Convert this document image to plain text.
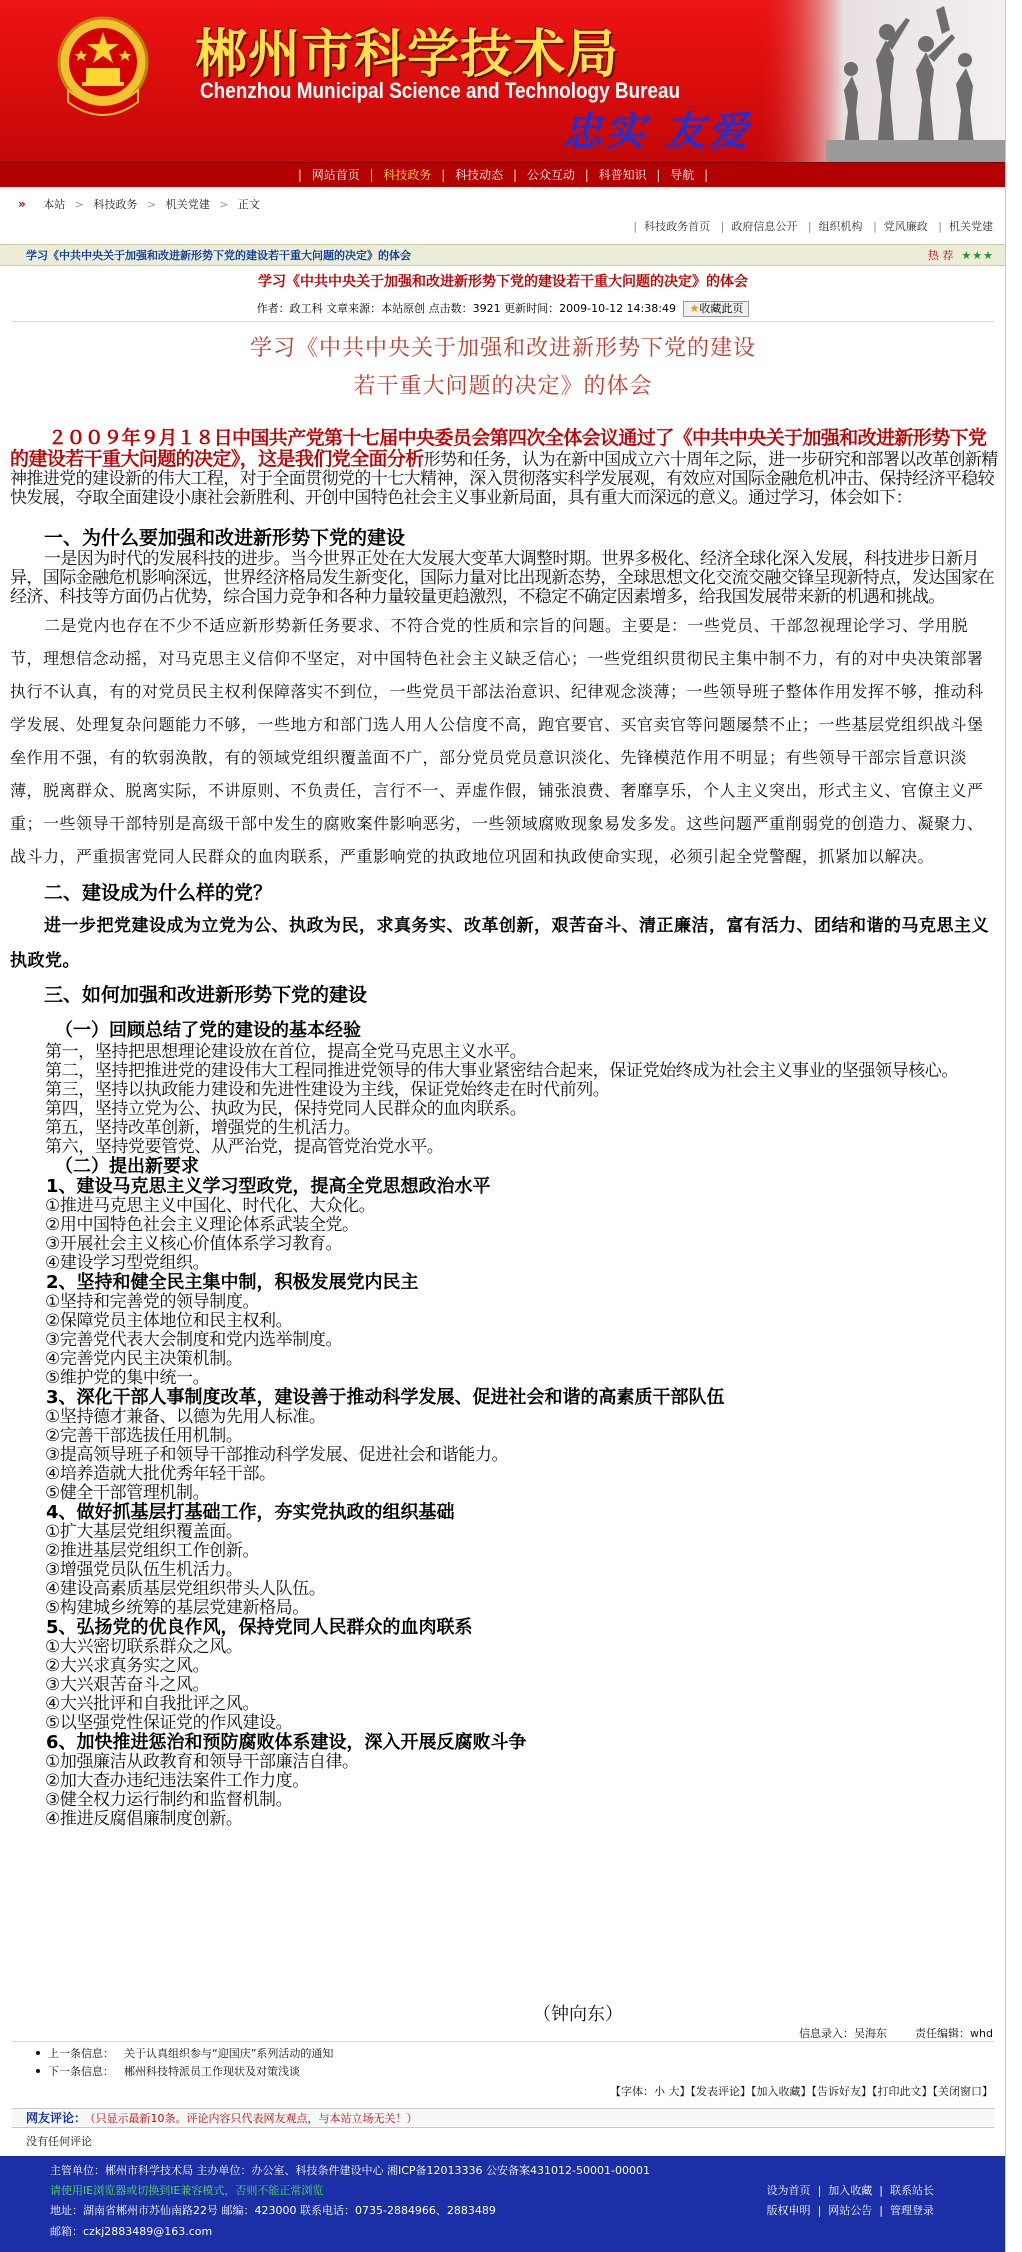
郴州市科学技术局
Chenzhou Municipal Science and Technology Bureau
忠实 友爱
| 网站首页 | 科技政务 | 科技动态 | 公众互动 | 科普知识 | 导航 |
» 本站 > 科技政务 > 机关党建 > 正文
| 科技政务首页 | 政府信息公开 | 组织机构 | 党风廉政 | 机关党建
学习《中共中央关于加强和改进新形势下党的建设若干重大问题的决定》的体会	热 荐 ★★★
学习《中共中央关于加强和改进新形势下党的建设若干重大问题的决定》的体会
作者：政工科 文章来源：本站原创 点击数：3921 更新时间：2009-10-12 14:38:49 ★收藏此页
学习《中共中央关于加强和改进新形势下党的建设
若干重大问题的决定》的体会
２００９年９月１８日中国共产党第十七届中央委员会第四次全体会议通过了《中共中央关于加强和改进新形势下党的建设若干重大问题的决定》，这是我们党全面分析形势和任务，认为在新中国成立六十周年之际，进一步研究和部署以改革创新精神推进党的建设新的伟大工程，对于全面贯彻党的十七大精神，深入贯彻落实科学发展观，有效应对国际金融危机冲击、保持经济平稳较快发展，夺取全面建设小康社会新胜利、开创中国特色社会主义事业新局面，具有重大而深远的意义。通过学习，体会如下：
一、为什么要加强和改进新形势下党的建设
一是因为时代的发展科技的进步。当今世界正处在大发展大变革大调整时期。世界多极化、经济全球化深入发展，科技进步日新月异，国际金融危机影响深远，世界经济格局发生新变化，国际力量对比出现新态势，全球思想文化交流交融交锋呈现新特点，发达国家在经济、科技等方面仍占优势，综合国力竞争和各种力量较量更趋激烈，不稳定不确定因素增多，给我国发展带来新的机遇和挑战。
二是党内也存在不少不适应新形势新任务要求、不符合党的性质和宗旨的问题。主要是：一些党员、干部忽视理论学习、学用脱节，理想信念动摇，对马克思主义信仰不坚定，对中国特色社会主义缺乏信心；一些党组织贯彻民主集中制不力，有的对中央决策部署执行不认真，有的对党员民主权利保障落实不到位，一些党员干部法治意识、纪律观念淡薄；一些领导班子整体作用发挥不够，推动科学发展、处理复杂问题能力不够，一些地方和部门选人用人公信度不高，跑官要官、买官卖官等问题屡禁不止；一些基层党组织战斗堡垒作用不强，有的软弱涣散，有的领域党组织覆盖面不广，部分党员党员意识淡化、先锋模范作用不明显；有些领导干部宗旨意识淡薄，脱离群众、脱离实际，不讲原则、不负责任，言行不一、弄虚作假，铺张浪费、奢靡享乐，个人主义突出，形式主义、官僚主义严重；一些领导干部特别是高级干部中发生的腐败案件影响恶劣，一些领域腐败现象易发多发。这些问题严重削弱党的创造力、凝聚力、战斗力，严重损害党同人民群众的血肉联系，严重影响党的执政地位巩固和执政使命实现，必须引起全党警醒，抓紧加以解决。
二、建设成为什么样的党？
进一步把党建设成为立党为公、执政为民，求真务实、改革创新，艰苦奋斗、清正廉洁，富有活力、团结和谐的马克思主义执政党。
三、如何加强和改进新形势下党的建设
（一）回顾总结了党的建设的基本经验
第一，坚持把思想理论建设放在首位，提高全党马克思主义水平。
第二，坚持把推进党的建设伟大工程同推进党领导的伟大事业紧密结合起来，保证党始终成为社会主义事业的坚强领导核心。
第三，坚持以执政能力建设和先进性建设为主线，保证党始终走在时代前列。
第四，坚持立党为公、执政为民，保持党同人民群众的血肉联系。
第五，坚持改革创新，增强党的生机活力。
第六，坚持党要管党、从严治党，提高管党治党水平。
（二）提出新要求
1、建设马克思主义学习型政党，提高全党思想政治水平
①推进马克思主义中国化、时代化、大众化。
②用中国特色社会主义理论体系武装全党。
③开展社会主义核心价值体系学习教育。
④建设学习型党组织。
2、坚持和健全民主集中制，积极发展党内民主
①坚持和完善党的领导制度。
②保障党员主体地位和民主权利。
③完善党代表大会制度和党内选举制度。
④完善党内民主决策机制。
⑤维护党的集中统一。
3、深化干部人事制度改革，建设善于推动科学发展、促进社会和谐的高素质干部队伍
①坚持德才兼备、以德为先用人标准。
②完善干部选拔任用机制。
③提高领导班子和领导干部推动科学发展、促进社会和谐能力。
④培养造就大批优秀年轻干部。
⑤健全干部管理机制。
4、做好抓基层打基础工作，夯实党执政的组织基础
①扩大基层党组织覆盖面。
②推进基层党组织工作创新。
③增强党员队伍生机活力。
④建设高素质基层党组织带头人队伍。
⑤构建城乡统筹的基层党建新格局。
5、弘扬党的优良作风，保持党同人民群众的血肉联系
①大兴密切联系群众之风。
②大兴求真务实之风。
③大兴艰苦奋斗之风。
④大兴批评和自我批评之风。
⑤以坚强党性保证党的作风建设。
6、加快推进惩治和预防腐败体系建设，深入开展反腐败斗争
①加强廉洁从政教育和领导干部廉洁自律。
②加大查办违纪违法案件工作力度。
③健全权力运行制约和监督机制。
④推进反腐倡廉制度创新。
（钟向东）
信息录入：吴海东	责任编辑：whd
上一条信息： 关于认真组织参与“迎国庆”系列活动的通知
下一条信息： 郴州科技特派员工作现状及对策浅谈
【字体：小 大】【发表评论】【加入收藏】【告诉好友】【打印此文】【关闭窗口】
网友评论： （只显示最新10条。评论内容只代表网友观点，与本站立场无关！）
没有任何评论
主管单位：郴州市科学技术局 主办单位：办公室、科技条件建设中心 湘ICP备12013336 公安备案431012-50001-00001
请使用IE浏览器或切换到IE兼容模式，否则不能正常浏览
地址：湖南省郴州市苏仙南路22号 邮编：423000 联系电话：0735-2884966、2883489
邮箱：czkj2883489@163.com
设为首页 | 加入收藏 | 联系站长
版权申明 | 网站公告 | 管理登录
